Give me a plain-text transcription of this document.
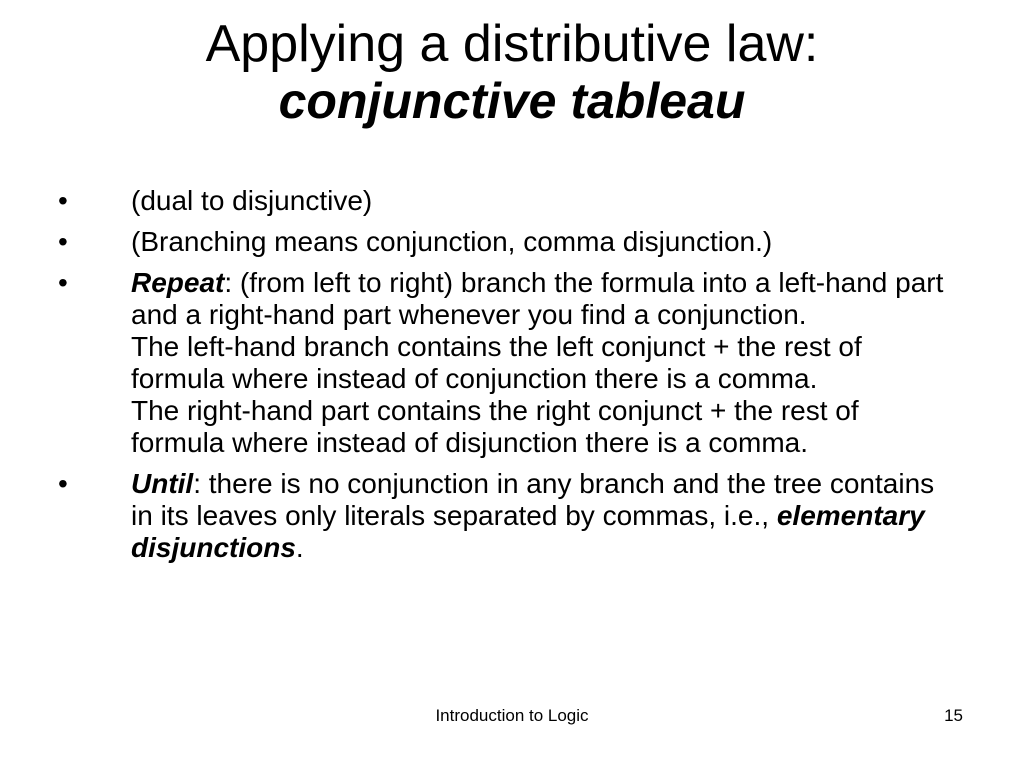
Applying a distributive law:
conjunctive tableau
•	(dual to disjunctive)
•	(Branching means conjunction, comma disjunction.)
•	Repeat: (from left to right) branch the formula into a left-hand part and a right-hand part whenever you find a conjunction.
The left-hand branch contains the left conjunct + the rest of formula where instead of conjunction there is a comma.
The right-hand part contains the right conjunct + the rest of formula where instead of disjunction there is a comma.
•	Until: there is no conjunction in any branch and the tree contains in its leaves only literals separated by commas, i.e., elementary disjunctions.
Introduction to Logic	15
